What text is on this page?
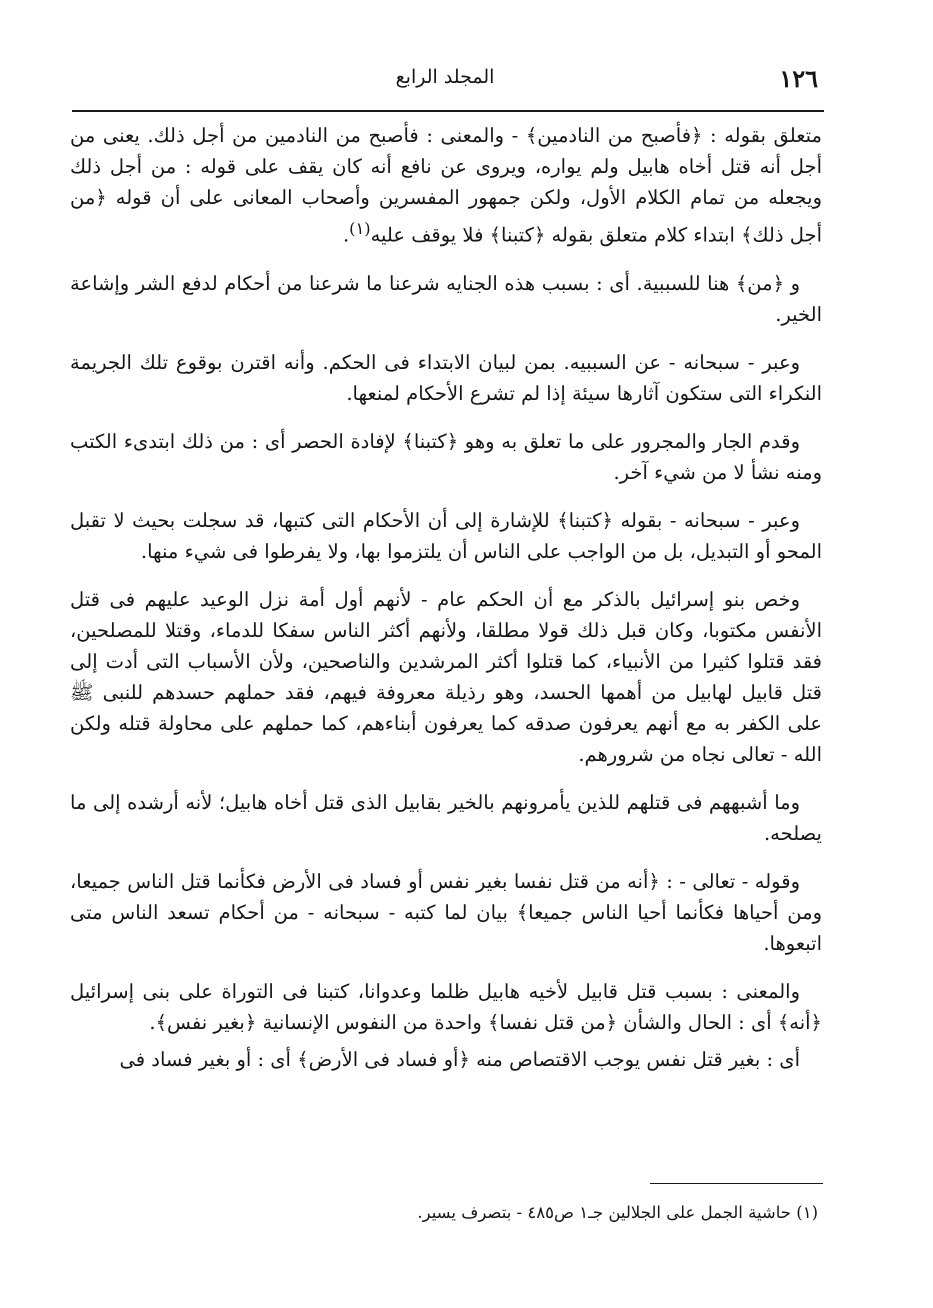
١٢٦
المجلد الرابع

متعلق بقوله : ﴿فأصبح من النادمين﴾ - والمعنى : فأصبح من النادمين من أجل ذلك. يعنى من أجل أنه قتل أخاه هابيل ولم يواره، ويروى عن نافع أنه كان يقف على قوله : من أجل ذلك ويجعله من تمام الكلام الأول، ولكن جمهور المفسرين وأصحاب المعانى على أن قوله ﴿من أجل ذلك﴾ ابتداء كلام متعلق بقوله ﴿كتبنا﴾ فلا يوقف عليه$^{(١)}$.

و ﴿من﴾ هنا للسببية. أى : بسبب هذه الجنايه شرعنا ما شرعنا من أحكام لدفع الشر وإشاعة الخير.

وعبر - سبحانه - عن السببيه. بمن لبيان الابتداء فى الحكم. وأنه اقترن بوقوع تلك الجريمة النكراء التى ستكون آثارها سيئة إذا لم تشرع الأحكام لمنعها.

وقدم الجار والمجرور على ما تعلق به وهو ﴿كتبنا﴾ لإفادة الحصر أى : من ذلك ابتدىء الكتب ومنه نشأ لا من شيء آخر.

وعبر - سبحانه - بقوله ﴿كتبنا﴾ للإشارة إلى أن الأحكام التى كتبها، قد سجلت بحيث لا تقبل المحو أو التبديل، بل من الواجب على الناس أن يلتزموا بها، ولا يفرطوا فى شيء منها.

وخص بنو إسرائيل بالذكر مع أن الحكم عام - لأنهم أول أمة نزل الوعيد عليهم فى قتل الأنفس مكتوبا، وكان قبل ذلك قولا مطلقا، ولأنهم أكثر الناس سفكا للدماء، وقتلا للمصلحين، فقد قتلوا كثيرا من الأنبياء، كما قتلوا أكثر المرشدين والناصحين، ولأن الأسباب التى أدت إلى قتل قابيل لهابيل من أهمها الحسد، وهو رذيلة معروفة فيهم، فقد حملهم حسدهم للنبى ﷺ على الكفر به مع أنهم يعرفون صدقه كما يعرفون أبناءهم، كما حملهم على محاولة قتله ولكن الله - تعالى نجاه من شرورهم.

وما أشبههم فى قتلهم للذين يأمرونهم بالخير بقابيل الذى قتل أخاه هابيل؛ لأنه أرشده إلى ما يصلحه.

وقوله - تعالى - : ﴿أنه من قتل نفسا بغير نفس أو فساد فى الأرض فكأنما قتل الناس جميعا، ومن أحياها فكأنما أحيا الناس جميعا﴾ بيان لما كتبه - سبحانه - من أحكام تسعد الناس متى اتبعوها.

والمعنى : بسبب قتل قابيل لأخيه هابيل ظلما وعدوانا، كتبنا فى التوراة على بنى إسرائيل ﴿أنه﴾ أى : الحال والشأن ﴿من قتل نفسا﴾ واحدة من النفوس الإنسانية ﴿بغير نفس﴾.

أى : بغير قتل نفس يوجب الاقتصاص منه ﴿أو فساد فى الأرض﴾ أى : أو بغير فساد فى

(١) حاشية الجمل على الجلالين جـ١ ص٤٨٥ - بتصرف يسير.
